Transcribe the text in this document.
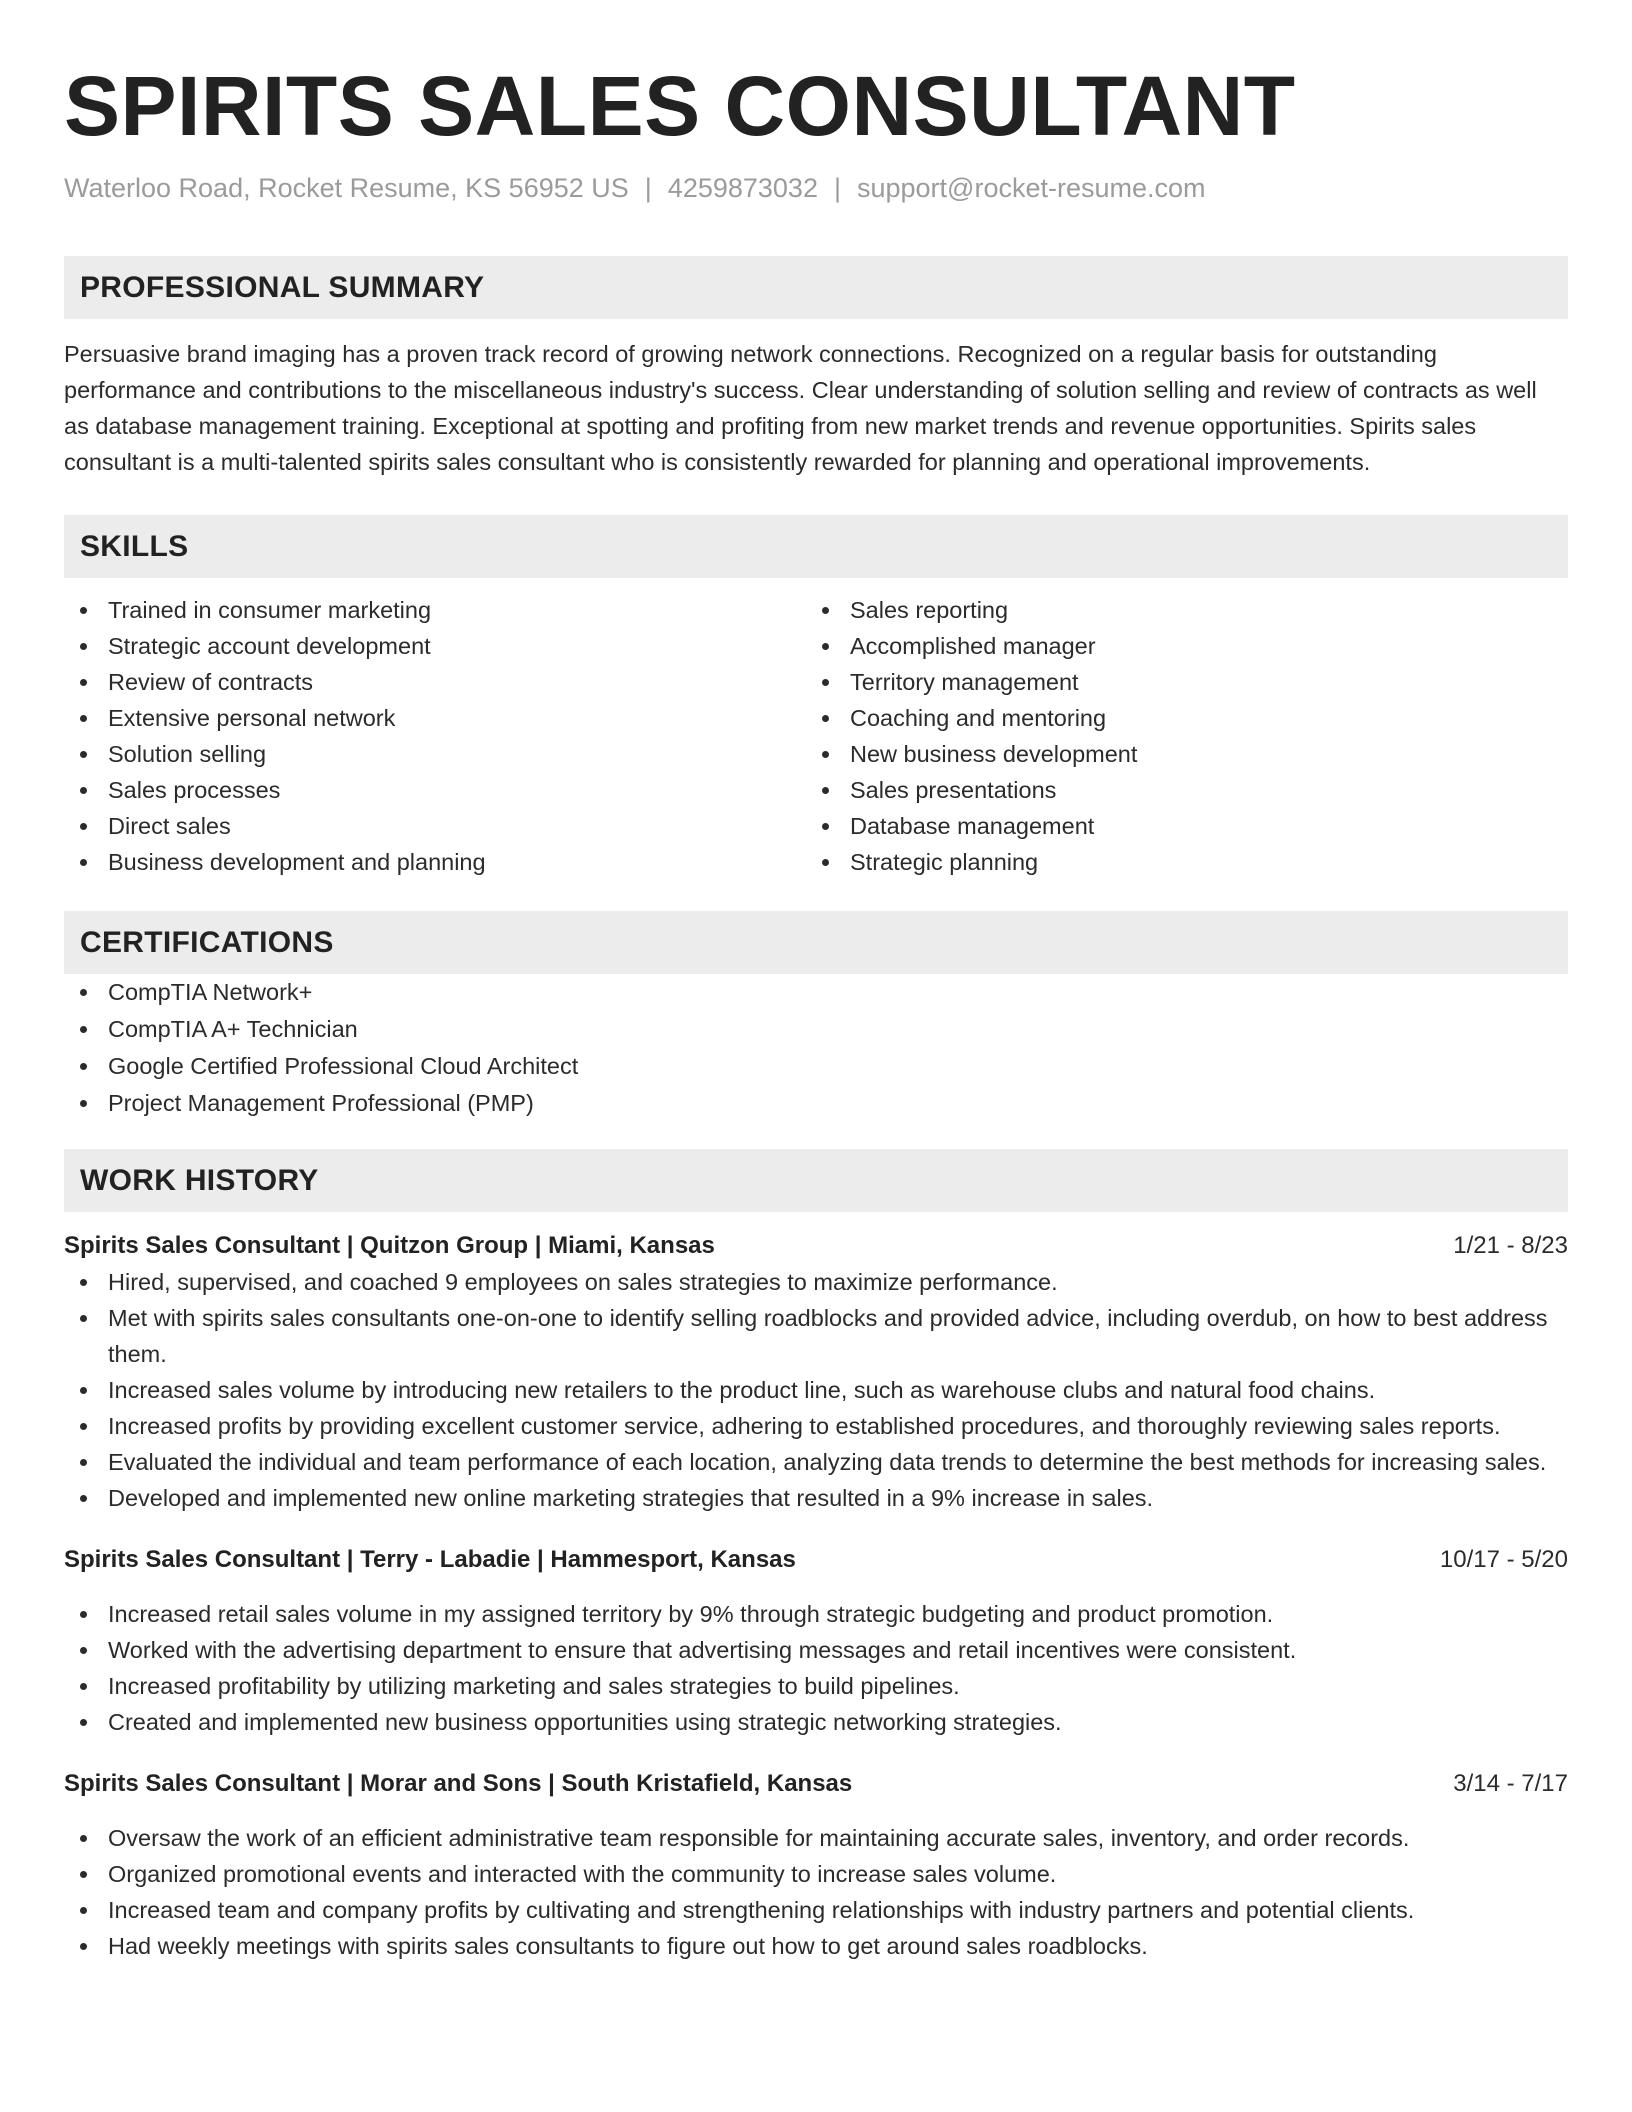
SPIRITS SALES CONSULTANT
Waterloo Road, Rocket Resume, KS 56952 US | 4259873032 | support@rocket-resume.com
PROFESSIONAL SUMMARY
Persuasive brand imaging has a proven track record of growing network connections. Recognized on a regular basis for outstanding performance and contributions to the miscellaneous industry's success. Clear understanding of solution selling and review of contracts as well as database management training. Exceptional at spotting and profiting from new market trends and revenue opportunities. Spirits sales consultant is a multi-talented spirits sales consultant who is consistently rewarded for planning and operational improvements.
SKILLS
Trained in consumer marketing
Strategic account development
Review of contracts
Extensive personal network
Solution selling
Sales processes
Direct sales
Business development and planning
Sales reporting
Accomplished manager
Territory management
Coaching and mentoring
New business development
Sales presentations
Database management
Strategic planning
CERTIFICATIONS
CompTIA Network+
CompTIA A+ Technician
Google Certified Professional Cloud Architect
Project Management Professional (PMP)
WORK HISTORY
Spirits Sales Consultant | Quitzon Group | Miami, Kansas	1/21 - 8/23
Hired, supervised, and coached 9 employees on sales strategies to maximize performance.
Met with spirits sales consultants one-on-one to identify selling roadblocks and provided advice, including overdub, on how to best address them.
Increased sales volume by introducing new retailers to the product line, such as warehouse clubs and natural food chains.
Increased profits by providing excellent customer service, adhering to established procedures, and thoroughly reviewing sales reports.
Evaluated the individual and team performance of each location, analyzing data trends to determine the best methods for increasing sales.
Developed and implemented new online marketing strategies that resulted in a 9% increase in sales.
Spirits Sales Consultant | Terry - Labadie | Hammesport, Kansas	10/17 - 5/20
Increased retail sales volume in my assigned territory by 9% through strategic budgeting and product promotion.
Worked with the advertising department to ensure that advertising messages and retail incentives were consistent.
Increased profitability by utilizing marketing and sales strategies to build pipelines.
Created and implemented new business opportunities using strategic networking strategies.
Spirits Sales Consultant | Morar and Sons | South Kristafield, Kansas	3/14 - 7/17
Oversaw the work of an efficient administrative team responsible for maintaining accurate sales, inventory, and order records.
Organized promotional events and interacted with the community to increase sales volume.
Increased team and company profits by cultivating and strengthening relationships with industry partners and potential clients.
Had weekly meetings with spirits sales consultants to figure out how to get around sales roadblocks.
